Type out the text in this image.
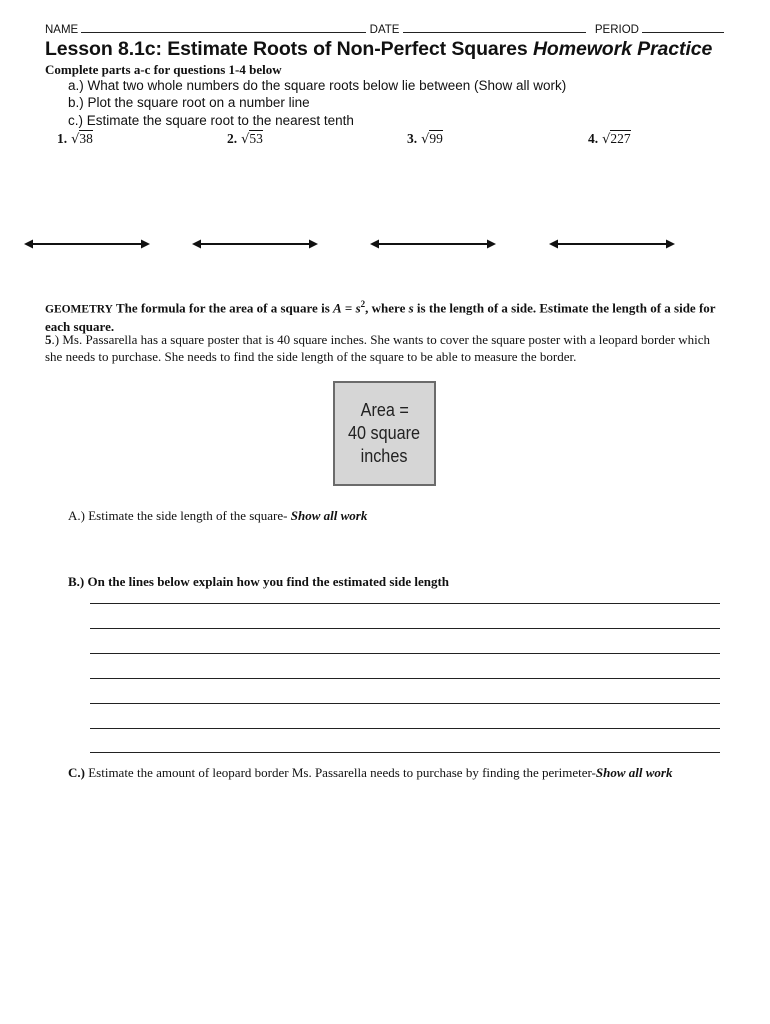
NAME	DATE	PERIOD
Lesson 8.1c: Estimate Roots of Non-Perfect Squares Homework Practice
Complete parts a-c for questions 1-4 below
a.) What two whole numbers do the square roots below lie between (Show all work)
b.) Plot the square root on a number line
c.) Estimate the square root to the nearest tenth
1. √38	2. √53	3. √99	4. √227
GEOMETRY The formula for the area of a square is $A = s^2$, where s is the length of a side. Estimate the length of a side for each square.
5.) Ms. Passarella has a square poster that is 40 square inches. She wants to cover the square poster with a leopard border which she needs to purchase. She needs to find the side length of the square to be able to measure the border.
Area =
40 square
inches
A.) Estimate the side length of the square- Show all work
B.) On the lines below explain how you find the estimated side length
C.) Estimate the amount of leopard border Ms. Passarella needs to purchase by finding the perimeter-Show all work
